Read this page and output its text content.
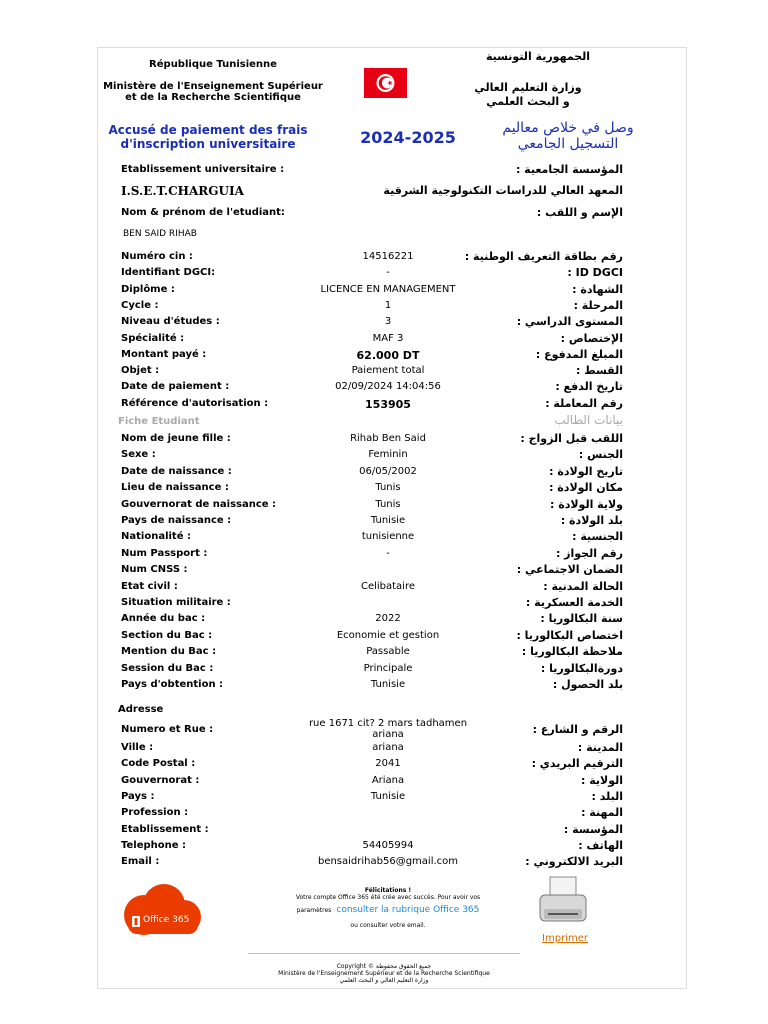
République Tunisienne
Ministère de l'Enseignement Supérieur
et de la Recherche Scientifique
الجمهورية التونسية
وزارة التعليم العالي
و البحث العلمي
Accusé de paiement des frais
d'inscription universitaire	2024-2025	وصل في خلاص معاليم
التسجيل الجامعي
Etablissement universitaire :	المؤسسة الجامعية :
I.S.E.T.CHARGUIA	المعهد العالي للدراسات التكنولوجية الشرقية
Nom & prénom de l'etudiant:	الإسم و اللقب :
BEN SAID RIHAB
Numéro cin :	14516221	رقم بطاقة التعريف الوطنية :
Identifiant DGCI:	-	ID DGCI :
Diplôme :	LICENCE EN MANAGEMENT	الشهادة :
Cycle :	1	المرحلة :
Niveau d'études :	3	المستوى الدراسي :
Spécialité :	MAF 3	الإختصاص :
Montant payé :	62.000 DT	المبلغ المدفوع :
Objet :	Paiement total	القسط :
Date de paiement :	02/09/2024 14:04:56	تاريخ الدفع :
Référence d'autorisation :	153905	رقم المعاملة :
Fiche Etudiant	بيانات الطالب
Nom de jeune fille :	Rihab Ben Said	اللقب قبل الزواج :
Sexe :	Feminin	الجنس :
Date de naissance :	06/05/2002	تاريخ الولادة :
Lieu de naissance :	Tunis	مكان الولادة :
Gouvernorat de naissance :	Tunis	ولاية الولادة :
Pays de naissance :	Tunisie	بلد الولادة :
Nationalité :	tunisienne	الجنسية :
Num Passport :	-	رقم الجواز :
Num CNSS :	الضمان الاجتماعي :
Etat civil :	Celibataire	الحالة المدنية :
Situation militaire :	الخدمة العسكرية :
Année du bac :	2022	سنة البكالوريا :
Section du Bac :	Economie et gestion	اختصاص البكالوريا :
Mention du Bac :	Passable	ملاحظة البكالوريا :
Session du Bac :	Principale	دورةالبكالوريا :
Pays d'obtention :	Tunisie	بلد الحصول :
Adresse
Numero et Rue :
rue 1671 cit? 2 mars tadhamen
ariana	الرقم و الشارع :
Ville :	ariana	المدينة :
Code Postal :	2041	الترقيم البريدي :
Gouvernorat :	Ariana	الولاية :
Pays :	Tunisie	البلد :
Profession :	المهنة :
Etablissement :	المؤسسة :
Telephone :	54405994	الهاتف :
Email :	bensaidrihab56@gmail.com	البريد الالكتروني :
Office 365
Félicitations !
Votre compte Office 365 été crée avec succès. Pour avoir vos
paramètres consulter la rubrique Office 365 ou consulter votre email.
Imprimer
Copyright © جميع الحقوق محفوظة
Ministère de l'Enseignement Supérieur et de la Recherche Scientifique
وزارة التعليم العالي و البحث العلمي
